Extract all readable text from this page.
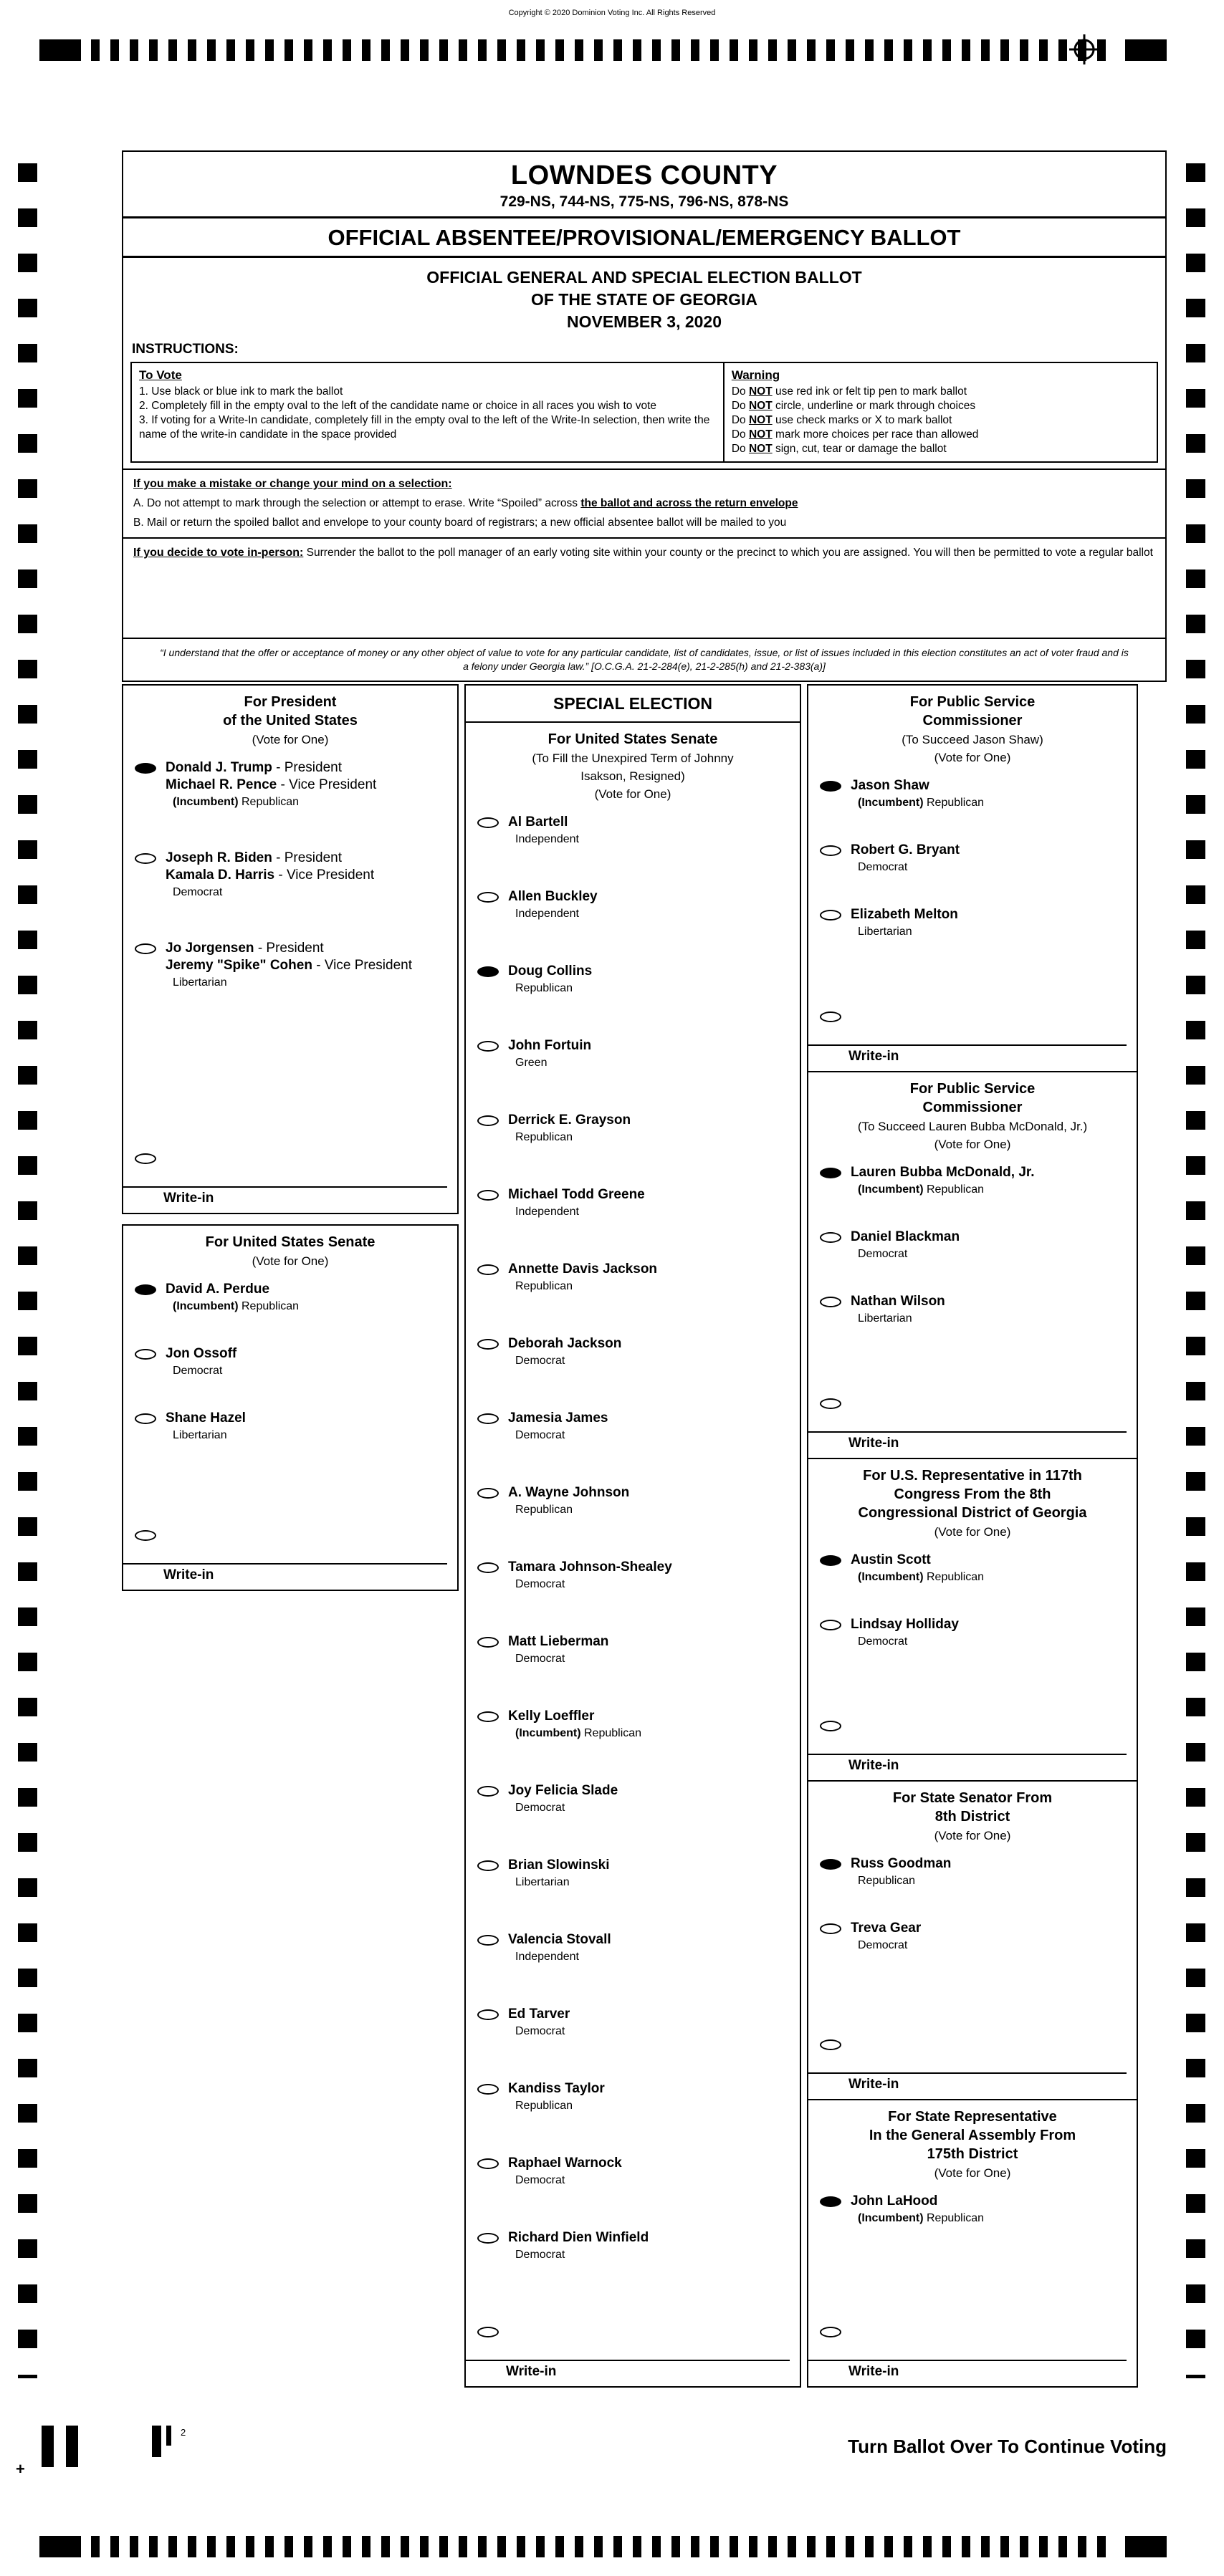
Copyright © 2020 Dominion Voting Inc. All Rights Reserved
LOWNDES COUNTY
729-NS, 744-NS, 775-NS, 796-NS, 878-NS
OFFICIAL ABSENTEE/PROVISIONAL/EMERGENCY BALLOT
OFFICIAL GENERAL AND SPECIAL ELECTION BALLOT
OF THE STATE OF GEORGIA
NOVEMBER 3, 2020
INSTRUCTIONS:
To Vote
1. Use black or blue ink to mark the ballot
2. Completely fill in the empty oval to the left of the candidate name or choice in all races you wish to vote
3. If voting for a Write-In candidate, completely fill in the empty oval to the left of the Write-In selection, then write the name of the write-in candidate in the space provided
Warning
Do NOT use red ink or felt tip pen to mark ballot
Do NOT circle, underline or mark through choices
Do NOT use check marks or X to mark ballot
Do NOT mark more choices per race than allowed
Do NOT sign, cut, tear or damage the ballot
If you make a mistake or change your mind on a selection:

A. Do not attempt to mark through the selection or attempt to erase. Write “Spoiled” across the ballot and across the return envelope

B. Mail or return the spoiled ballot and envelope to your county board of registrars; a new official absentee ballot will be mailed to you

If you decide to vote in-person: Surrender the ballot to the poll manager of an early voting site within your county or the precinct to which you are assigned. You will then be permitted to vote a regular ballot
“I understand that the offer or acceptance of money or any other object of value to vote for any particular candidate, list of candidates, issue, or list of issues included in this election constitutes an act of voter fraud and is a felony under Georgia law.” [O.C.G.A. 21-2-284(e), 21-2-285(h) and 21-2-383(a)]
For President
of the United States
(Vote for One)
Donald J. Trump - President
Michael R. Pence - Vice President
(Incumbent) Republican
Joseph R. Biden - President
Kamala D. Harris - Vice President
Democrat
Jo Jorgensen - President
Jeremy "Spike" Cohen - Vice President
Libertarian
Write-in
For United States Senate
(Vote for One)
David A. Perdue
(Incumbent) Republican
Jon Ossoff
Democrat
Shane Hazel
Libertarian
Write-in
SPECIAL ELECTION
For United States Senate
(To Fill the Unexpired Term of Johnny
Isakson, Resigned)
(Vote for One)
Al Bartell
Independent
Allen Buckley
Independent
Doug Collins
Republican
John Fortuin
Green
Derrick E. Grayson
Republican
Michael Todd Greene
Independent
Annette Davis Jackson
Republican
Deborah Jackson
Democrat
Jamesia James
Democrat
A. Wayne Johnson
Republican
Tamara Johnson-Shealey
Democrat
Matt Lieberman
Democrat
Kelly Loeffler
(Incumbent) Republican
Joy Felicia Slade
Democrat
Brian Slowinski
Libertarian
Valencia Stovall
Independent
Ed Tarver
Democrat
Kandiss Taylor
Republican
Raphael Warnock
Democrat
Richard Dien Winfield
Democrat
Write-in
For Public Service
Commissioner
(To Succeed Jason Shaw)
(Vote for One)
Jason Shaw
(Incumbent) Republican
Robert G. Bryant
Democrat
Elizabeth Melton
Libertarian
Write-in
For Public Service
Commissioner
(To Succeed Lauren Bubba McDonald, Jr.)
(Vote for One)
Lauren Bubba McDonald, Jr.
(Incumbent) Republican
Daniel Blackman
Democrat
Nathan Wilson
Libertarian
Write-in
For U.S. Representative in 117th
Congress From the 8th
Congressional District of Georgia
(Vote for One)
Austin Scott
(Incumbent) Republican
Lindsay Holliday
Democrat
Write-in
For State Senator From
8th District
(Vote for One)
Russ Goodman
Republican
Treva Gear
Democrat
Write-in
For State Representative
In the General Assembly From
175th District
(Vote for One)
John LaHood
(Incumbent) Republican
Write-in
Turn Ballot Over To Continue Voting
2
+
